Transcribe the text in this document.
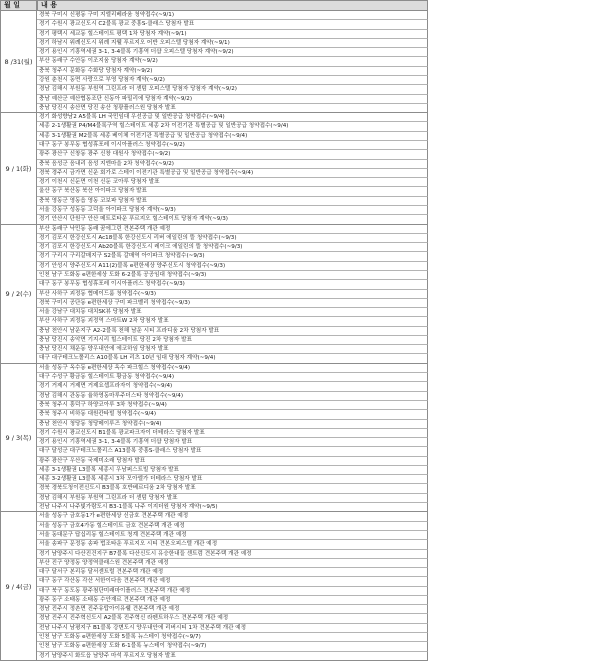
월 일	내 용
8 /31(월)
경북 구미시 신평동 구미 지엘리베라움 청약접수(~9/1)
경기 수원시 광교신도시 C2블록 광교 중흥S-클래스 당첨자 발표
경기 평택시 세교동 힐스테이트 평택 1차 당첨자 계약(~9/1)
경기 하남시 위례신도시 위례 지웰 푸르지오 어반 오피스텔 당첨자 계약(~9/1)
경기 용인시 기흥역세권 3-1, 3-4블록 기흥역 더샵 오피스텔 당첨자 계약(~9/2)
부산 동래구 수안동 이조지움 당첨자 계약(~9/2)
충북 청주시 문화동 수화당 당첨자 계약(~9/2)
강원 춘천시 동면 사랑으로 부영 당첨자 계약(~9/2)
경남 김해시 부원동 부원역 그린프라 더 센텀 오피스텔 당첨자 당첨자 계약(~9/2)
충남 예산군 예산협동조단 신동아 파밀리에 당첨자 계약(~9/2)
충남 당진시 송산면 당진 송산 청광플러스원 당첨자 발표
9 / 1(화)
경기 화성향남2 A5블록 LH 국민임대 우선공급 및 일반공급 청약접수(~9/4)
세종 2-1생활권 P4/M4블록구역 힐스테이트 세종 2차 이전기관 특별공급 및 일반공급 청약접수(~9/4)
세종 3-1생활권 M2블록 세종 베이체 이전기관 특별공급 및 일반공급 청약접수(~9/4)
대구 동구 봉무동 협성휴포레 이시아플러스 청약접수(~9/2)
광주 광산구 신창동 광주 신창 대원사 청약접수(~9/2)
충북 음성군 음내리 음성 지엔마을 2차 청약접수(~9/2)
경북 경주시 금가면 신운 회가로 스테이 이전기관 특별공급 및 일반공급 청약접수(~9/4)
경기 이천시 신둔면 이천 신둔 코아루 당첨자 발표
울산 동구 북산동 북산 아이파크 당첨자 발표
충북 영동군 영동읍 영동 코보파 당첨자 발표
서울 강동구 성동동 고덕울 아이파크 당첨자 계약(~9/3)
경기 안산시 단원구 안산 메트로타운 푸르지오 힐스테이트 당첨자 계약(~9/3)
9 / 2(수)
부산 동래구 낙민동 동래 꿈에그린 견본주택 개관 예정
경기 김포시 한강신도시 Ac18블록 한강신도시 리버 에일린의 뜰 청약접수(~9/3)
경기 김포시 한강신도시 Ab20블록 한강신도시 레이크 에일린의 뜰 청약접수(~9/3)
경기 구리시 구리갈매지구 S2블록 갈매역 아이파크 청약접수(~9/3)
경기 안성시 양주신도시 A11(2)블록 e편한세상 양주신도시 청약접수(~9/3)
인천 남구 도화동 e편한세상 도화 6-2블록 공공임대 청약접수(~9/3)
대구 동구 봉무동 협성휴포레 이시아플러스 청약접수(~9/3)
부산 사하구 괴정동 협메이드룸 청약접수(~9/3)
경북 구미시 공단동 e편한세상 구미 파크벨리 청약접수(~9/3)
서울 강남구 대치동 대치SK뷰 당첨자 발표
부산 사하구 괴정동 괴정역 스마트W 2차 당첨자 발표
충남 천안시 남운지구 A2-2블록 천해 남운 시티 프라디움 2차 당첨자 발표
충남 당진시 송악면 기지시리 힐스테이트 당진 2차 당첨자 발표
충남 당진시 채운동 양우내안에 에코하임 당첨자 발표
대구 대구테크노폴리스 A10블록 LH 리츠 10년 임대 당첨자 계약(~9/4)
9 / 3(목)
서울 성동구 옥수동 e편한세상 옥수 파크힐스 청약접수(~9/4)
대구 수성구 황금동 힐스테이트 황금동 청약접수(~9/4)
경기 거제시 거제면 거제요셉프라자이 청약접수(~9/4)
경남 김해시 관동동 율하영동마루주더스타 청약접수(~9/4)
충북 청주시 흥덕구 하양코아루 3차 청약접수(~9/4)
충북 청주시 비하동 대원칸타빌 청약접수(~9/4)
충남 천안시 청당동 청당메이루즈 청약접수(~9/4)
경기 수원시 광교신도시 B1블록 광교파크자이 더테라스 당첨자 발표
경기 용인시 기흥역세권 3-1, 3-4블록 기흥역 더샵 당첨자 발표
대구 달성군 대구테크노폴리스 A13블록 중흥S-클래스 당첨자 발표
광주 광산구 우산동 국제미소래 당첨자 발표
세종 3-1생활권 L3블록 세종시 우남퍼스트빌 당첨자 발표
세종 3-2생활권 L3블록 세종시 3차 모아엘가 더테라스 당첨자 발표
경북 경북도청이전신도시 B3블록 호반베르디움 2차 당첨자 발표
경남 김해시 부원동 부원역 그린프라 더 센텀 당첨자 발표
전남 나주시 나주빛가람도시 B3-1블록 나주 이지더원 당첨자 계약(~9/5)
9 / 4(금)
서울 성동구 금호동1가 e편한세상 신금호 견본주택 개관 예정
서울 성동구 금호4가동 힐스테이트 금호 견본주택 개관 예정
서울 동대문구 답십리동 힐스테이트 청계 견본주택 개관 예정
서울 송파구 문정동 송파 법조타운 푸르지오 시티 견본오피스텔 개관 예정
경기 남양주시 다산진건지구 B7블록 다산신도시 유승한내들 센트럼 견본주택 개관 예정
부산 진구 양정동 양정역클래스원 견본주택 개관 예정
대구 달서구 본리동 달서센트럴 견본주택 개관 예정
대구 동구 각산동 각산 서한이다음 견본주택 개관 예정
대구 북구 동도동 광주첨단미래마이플러스 견본주택 개관 예정
광주 동구 소태동 소태동 수안재르 견본주택 개관 예정
경남 진주시 정촌면 진주유탑아이유쉘 견본주택 개관 예정
경남 진주시 진주혁신도시 A2블록 진주혁신 라펜트하우스 견본주택 개관 예정
전남 나주시 남평지구 B1블록 강변도시 양우내안에 리버시티 1차 견본주택 개관 예정
인천 남구 도화동 e편한세상 도화 5블록 뉴스테이 청약접수(~9/7)
인천 남구 도화동 e편한세상 도화 6-1블록 뉴스테이 청약접수(~9/7)
경기 남양주시 화도읍 남양주 마석 푸르지오 당첨자 발표
